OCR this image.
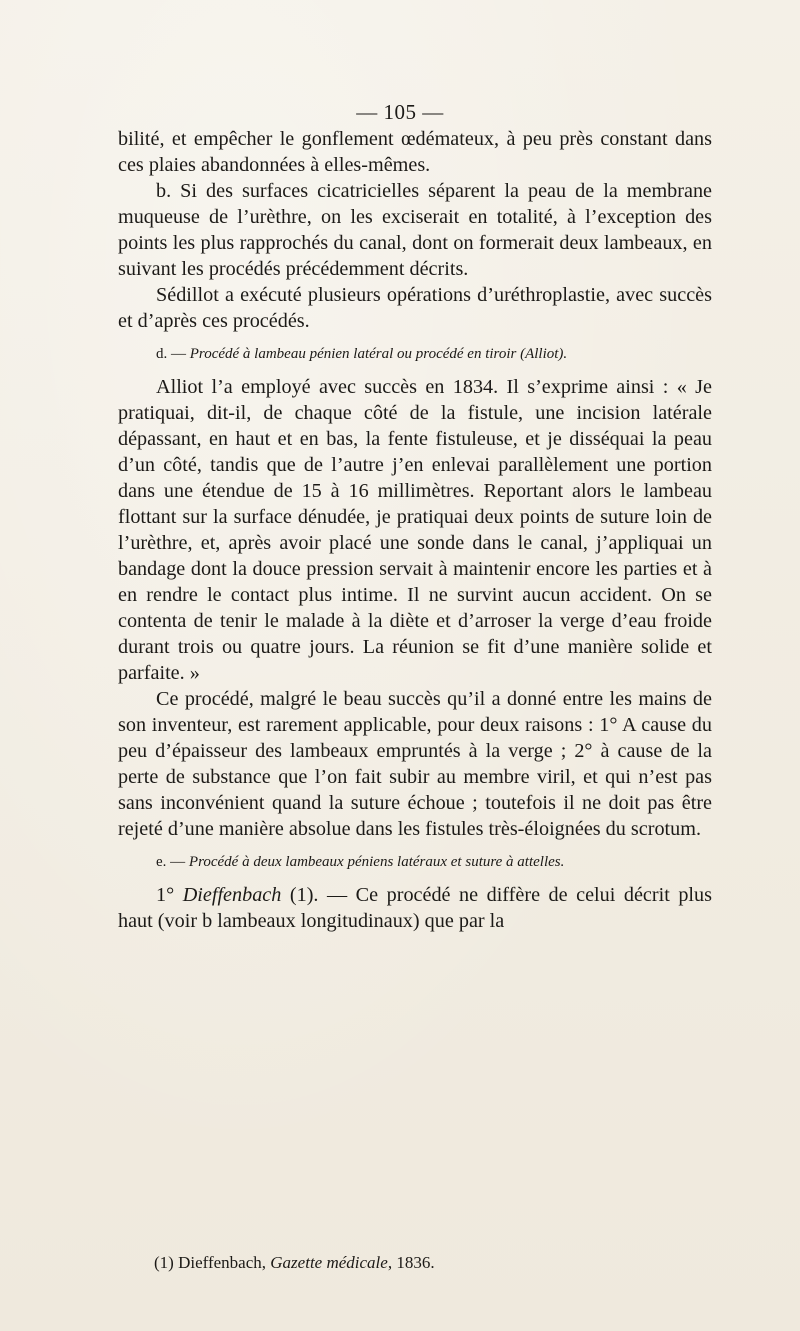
— 105 —

bilité, et empêcher le gonflement œdémateux, à peu près constant dans ces plaies abandonnées à elles-mêmes.

b. Si des surfaces cicatricielles séparent la peau de la membrane muqueuse de l’urèthre, on les exciserait en totalité, à l’exception des points les plus rapprochés du canal, dont on formerait deux lambeaux, en suivant les procédés précédemment décrits.

Sédillot a exécuté plusieurs opérations d’uréthroplastie, avec succès et d’après ces procédés.

d. — Procédé à lambeau pénien latéral ou procédé en tiroir (Alliot).

Alliot l’a employé avec succès en 1834. Il s’exprime ainsi : « Je pratiquai, dit-il, de chaque côté de la fistule, une incision latérale dépassant, en haut et en bas, la fente fistuleuse, et je disséquai la peau d’un côté, tandis que de l’autre j’en enlevai parallèlement une portion dans une étendue de 15 à 16 millimètres. Reportant alors le lambeau flottant sur la surface dénudée, je pratiquai deux points de suture loin de l’urèthre, et, après avoir placé une sonde dans le canal, j’appliquai un bandage dont la douce pression servait à maintenir encore les parties et à en rendre le contact plus intime. Il ne survint aucun accident. On se contenta de tenir le malade à la diète et d’arroser la verge d’eau froide durant trois ou quatre jours. La réunion se fit d’une manière solide et parfaite. »

Ce procédé, malgré le beau succès qu’il a donné entre les mains de son inventeur, est rarement applicable, pour deux raisons : 1° A cause du peu d’épaisseur des lambeaux empruntés à la verge ; 2° à cause de la perte de substance que l’on fait subir au membre viril, et qui n’est pas sans inconvénient quand la suture échoue ; toutefois il ne doit pas être rejeté d’une manière absolue dans les fistules très-éloignées du scrotum.

e. — Procédé à deux lambeaux péniens latéraux et suture à attelles.

1° Dieffenbach (1). — Ce procédé ne diffère de celui décrit plus haut (voir b lambeaux longitudinaux) que par la

(1) Dieffenbach, Gazette médicale, 1836.
